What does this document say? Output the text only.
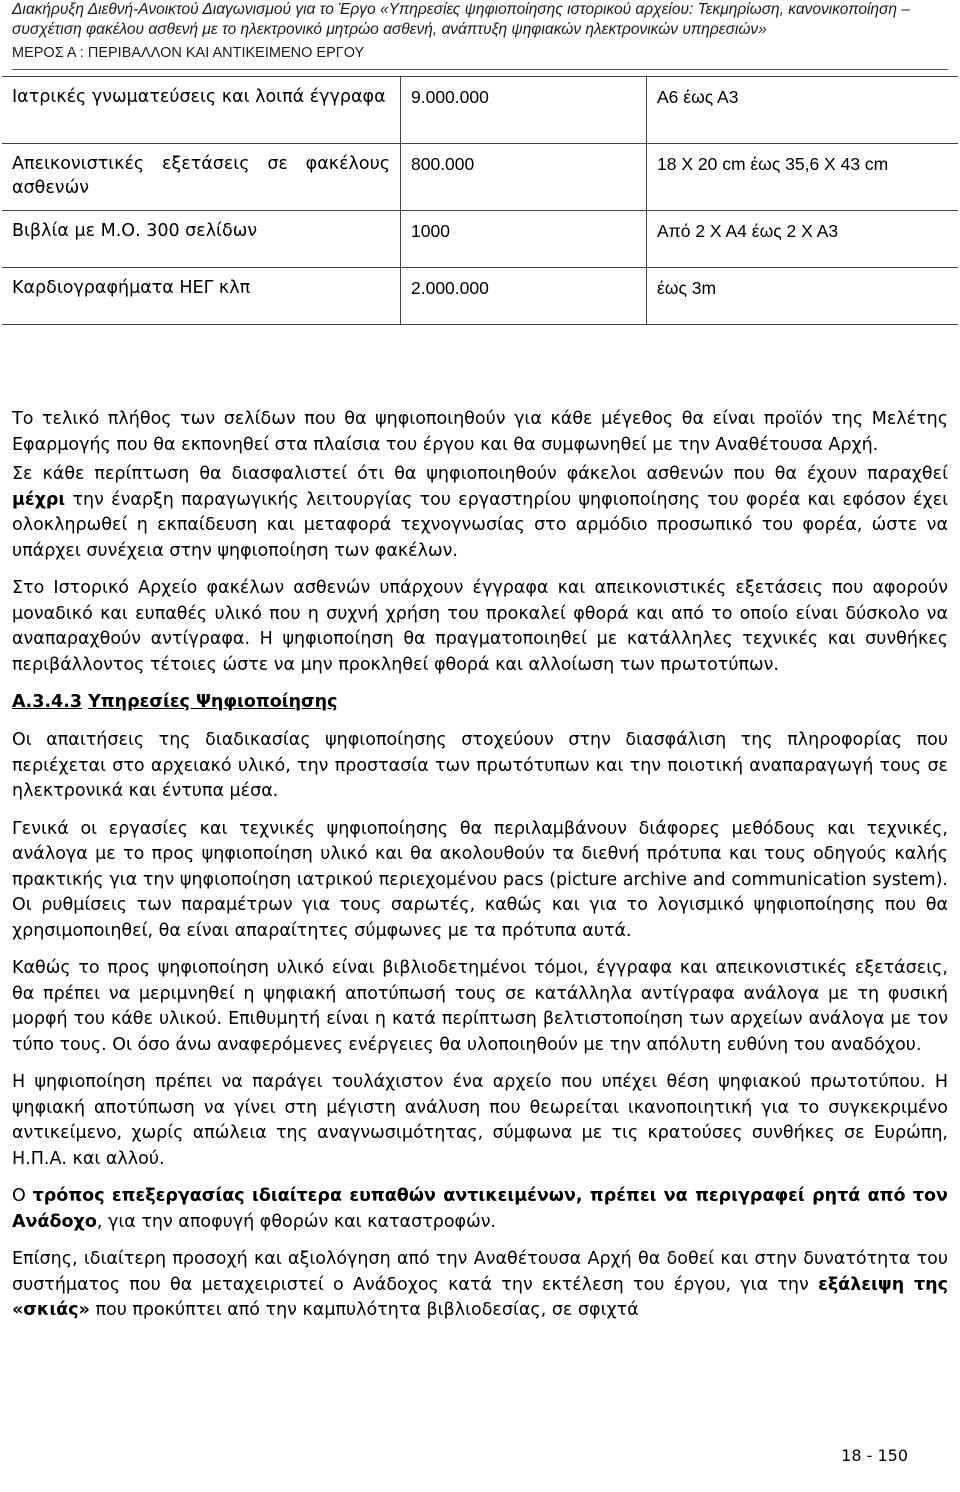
Διακήρυξη Διεθνή-Ανοικτού Διαγωνισμού για το Έργο «Υπηρεσίες ψηφιοποίησης ιστορικού αρχείου: Τεκμηρίωση, κανονικοποίηση –
συσχέτιση φακέλου ασθενή με το ηλεκτρονικό μητρώο ασθενή, ανάπτυξη ψηφιακών ηλεκτρονικών υπηρεσιών»
ΜΕΡΟΣ Α : ΠΕΡΙΒΑΛΛΟΝ ΚΑΙ ΑΝΤΙΚΕΙΜΕΝΟ ΕΡΓΟΥ
Ιατρικές γνωματεύσεις και λοιπά έγγραφα	9.000.000	Α6 έως Α3
Απεικονιστικές εξετάσεις σε φακέλους ασθενών	800.000	18 Χ 20 cm έως 35,6 Χ 43 cm
Βιβλία με Μ.Ο. 300 σελίδων	1000	Από 2 Χ Α4 έως 2 Χ Α3
Καρδιογραφήματα ΗΕΓ κλπ	2.000.000	έως 3m

Το τελικό πλήθος των σελίδων που θα ψηφιοποιηθούν για κάθε μέγεθος θα είναι προϊόν της Μελέτης Εφαρμογής που θα εκπονηθεί στα πλαίσια του έργου και θα συμφωνηθεί με την Αναθέτουσα Αρχή.

Σε κάθε περίπτωση θα διασφαλιστεί ότι θα ψηφιοποιηθούν φάκελοι ασθενών που θα έχουν παραχθεί μέχρι την έναρξη παραγωγικής λειτουργίας του εργαστηρίου ψηφιοποίησης του φορέα και εφόσον έχει ολοκληρωθεί η εκπαίδευση και μεταφορά τεχνογνωσίας στο αρμόδιο προσωπικό του φορέα, ώστε να υπάρχει συνέχεια στην ψηφιοποίηση των φακέλων.

Στο Ιστορικό Αρχείο φακέλων ασθενών υπάρχουν έγγραφα και απεικονιστικές εξετάσεις που αφορούν μοναδικό και ευπαθές υλικό που η συχνή χρήση του προκαλεί φθορά και από το οποίο είναι δύσκολο να αναπαραχθούν αντίγραφα. Η ψηφιοποίηση θα πραγματοποιηθεί με κατάλληλες τεχνικές και συνθήκες περιβάλλοντος τέτοιες ώστε να μην προκληθεί φθορά και αλλοίωση των πρωτοτύπων.

Α.3.4.3 Υπηρεσίες Ψηφιοποίησης

Οι απαιτήσεις της διαδικασίας ψηφιοποίησης στοχεύουν στην διασφάλιση της πληροφορίας που περιέχεται στο αρχειακό υλικό, την προστασία των πρωτότυπων και την ποιοτική αναπαραγωγή τους σε ηλεκτρονικά και έντυπα μέσα.

Γενικά οι εργασίες και τεχνικές ψηφιοποίησης θα περιλαμβάνουν διάφορες μεθόδους και τεχνικές, ανάλογα με το προς ψηφιοποίηση υλικό και θα ακολουθούν τα διεθνή πρότυπα και τους οδηγούς καλής πρακτικής για την ψηφιοποίηση ιατρικού περιεχομένου pacs (picture archive and communication system). Οι ρυθμίσεις των παραμέτρων για τους σαρωτές, καθώς και για το λογισμικό ψηφιοποίησης που θα χρησιμοποιηθεί, θα είναι απαραίτητες σύμφωνες με τα πρότυπα αυτά.

Καθώς το προς ψηφιοποίηση υλικό είναι βιβλιοδετημένοι τόμοι, έγγραφα και απεικονιστικές εξετάσεις, θα πρέπει να μεριμνηθεί η ψηφιακή αποτύπωσή τους σε κατάλληλα αντίγραφα ανάλογα με τη φυσική μορφή του κάθε υλικού. Επιθυμητή είναι η κατά περίπτωση βελτιστοποίηση των αρχείων ανάλογα με τον τύπο τους. Οι όσο άνω αναφερόμενες ενέργειες θα υλοποιηθούν με την απόλυτη ευθύνη του αναδόχου.

Η ψηφιοποίηση πρέπει να παράγει τουλάχιστον ένα αρχείο που υπέχει θέση ψηφιακού πρωτοτύπου. Η ψηφιακή αποτύπωση να γίνει στη μέγιστη ανάλυση που θεωρείται ικανοποιητική για το συγκεκριμένο αντικείμενο, χωρίς απώλεια της αναγνωσιμότητας, σύμφωνα με τις κρατούσες συνθήκες σε Ευρώπη, Η.Π.Α. και αλλού.

Ο τρόπος επεξεργασίας ιδιαίτερα ευπαθών αντικειμένων, πρέπει να περιγραφεί ρητά από τον Ανάδοχο, για την αποφυγή φθορών και καταστροφών.

Επίσης, ιδιαίτερη προσοχή και αξιολόγηση από την Αναθέτουσα Αρχή θα δοθεί και στην δυνατότητα του συστήματος που θα μεταχειριστεί ο Ανάδοχος κατά την εκτέλεση του έργου, για την εξάλειψη της «σκιάς» που προκύπτει από την καμπυλότητα βιβλιοδεσίας, σε σφιχτά

18 - 150
